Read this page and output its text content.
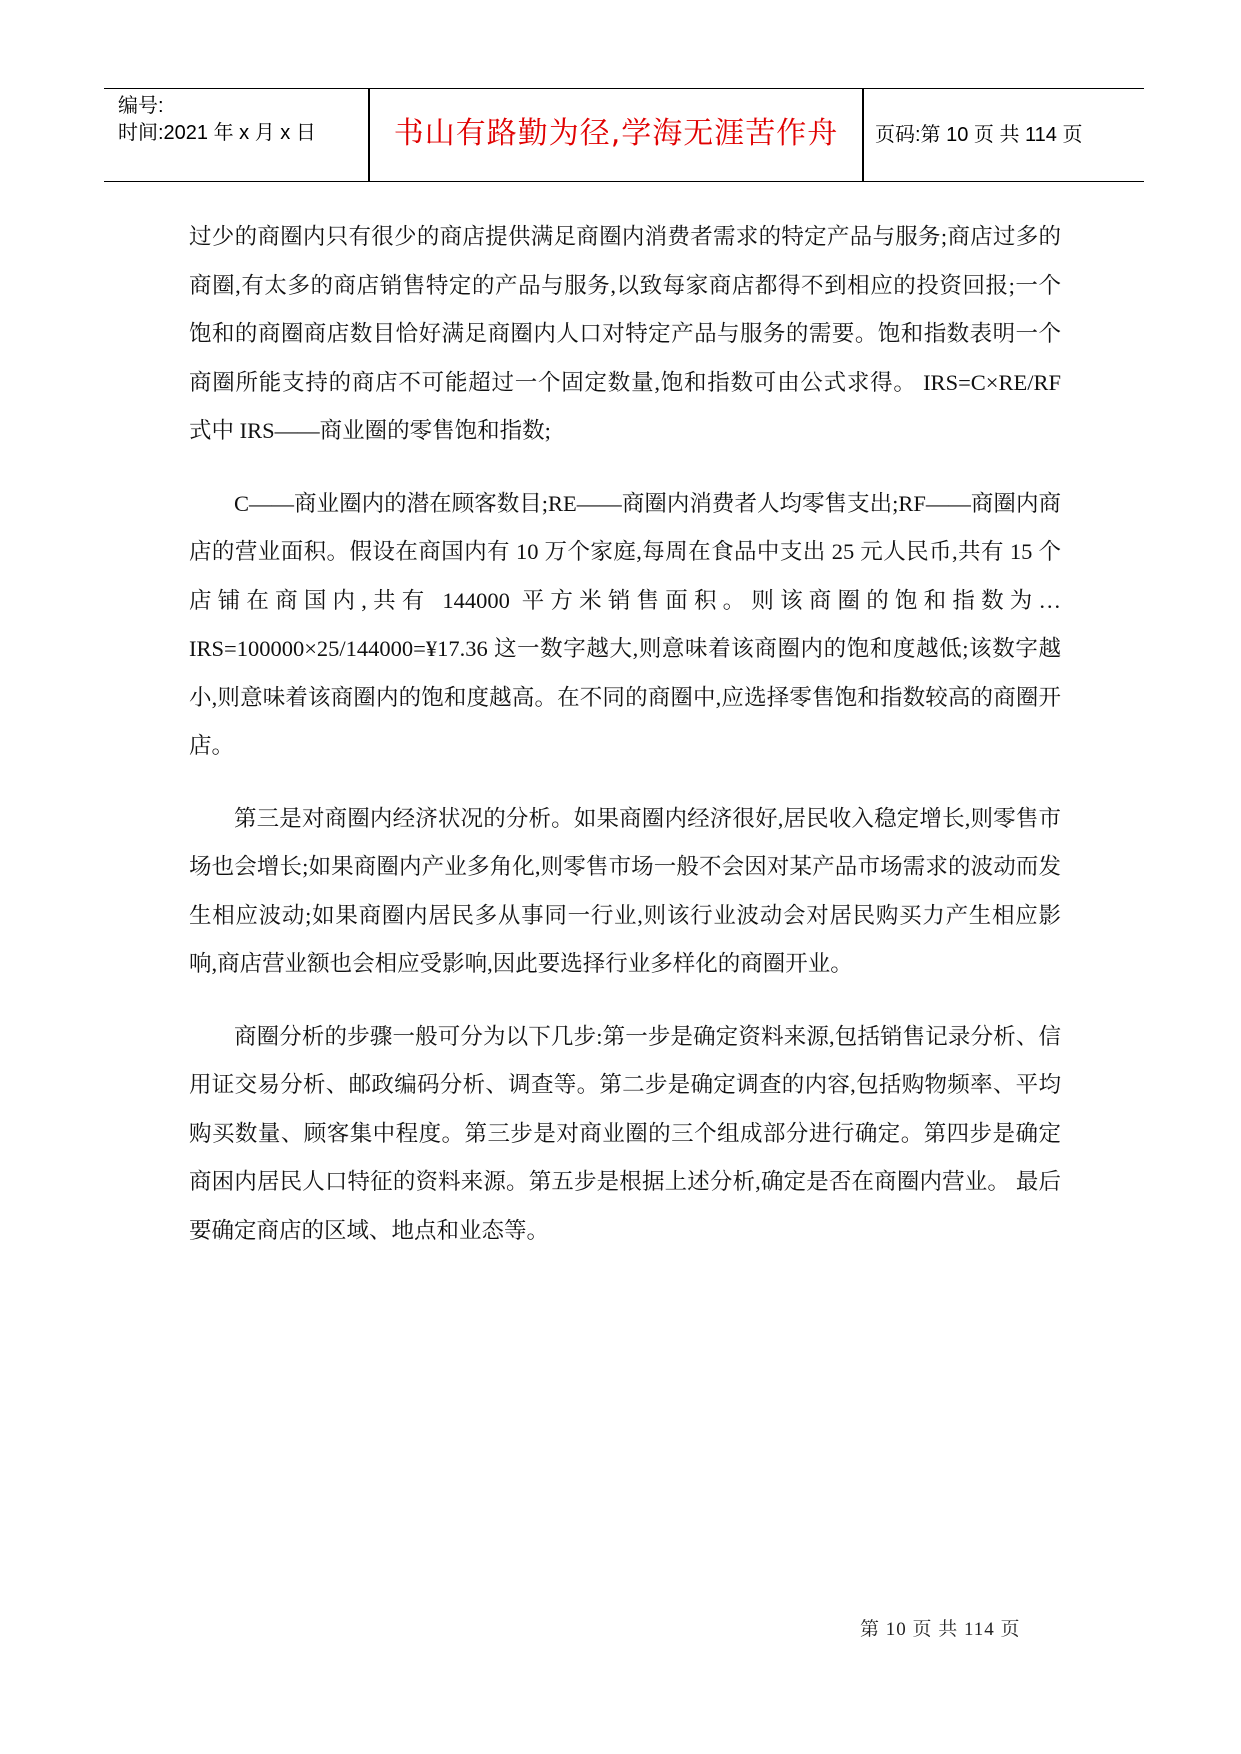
编号:
时间:2021 年 x 月 x 日	书山有路勤为径,学海无涯苦作舟	页码:第 10 页 共 114 页

过少的商圈内只有很少的商店提供满足商圈内消费者需求的特定产品与服务;商店过多的商圈,有太多的商店销售特定的产品与服务,以致每家商店都得不到相应的投资回报;一个饱和的商圈商店数目恰好满足商圈内人口对特定产品与服务的需要。饱和指数表明一个商圈所能支持的商店不可能超过一个固定数量,饱和指数可由公式求得。 IRS=C×RE/RF 式中 IRS——商业圈的零售饱和指数;

C——商业圈内的潜在顾客数目;RE——商圈内消费者人均零售支出;RF——商圈内商店的营业面积。假设在商国内有 10 万个家庭,每周在食品中支出 25 元人民币,共有 15 个店铺在商国内,共有 144000 平方米销售面积。则该商圈的饱和指数为… IRS=100000×25/144000=¥17.36 这一数字越大,则意味着该商圈内的饱和度越低;该数字越小,则意味着该商圈内的饱和度越高。在不同的商圈中,应选择零售饱和指数较高的商圈开店。

第三是对商圈内经济状况的分析。如果商圈内经济很好,居民收入稳定增长,则零售市场也会增长;如果商圈内产业多角化,则零售市场一般不会因对某产品市场需求的波动而发生相应波动;如果商圈内居民多从事同一行业,则该行业波动会对居民购买力产生相应影响,商店营业额也会相应受影响,因此要选择行业多样化的商圈开业。

商圈分析的步骤一般可分为以下几步:第一步是确定资料来源,包括销售记录分析、信用证交易分析、邮政编码分析、调查等。第二步是确定调查的内容,包括购物频率、平均购买数量、顾客集中程度。第三步是对商业圈的三个组成部分进行确定。第四步是确定商困内居民人口特征的资料来源。第五步是根据上述分析,确定是否在商圈内营业。 最后要确定商店的区域、地点和业态等。

第 10 页 共 114 页
